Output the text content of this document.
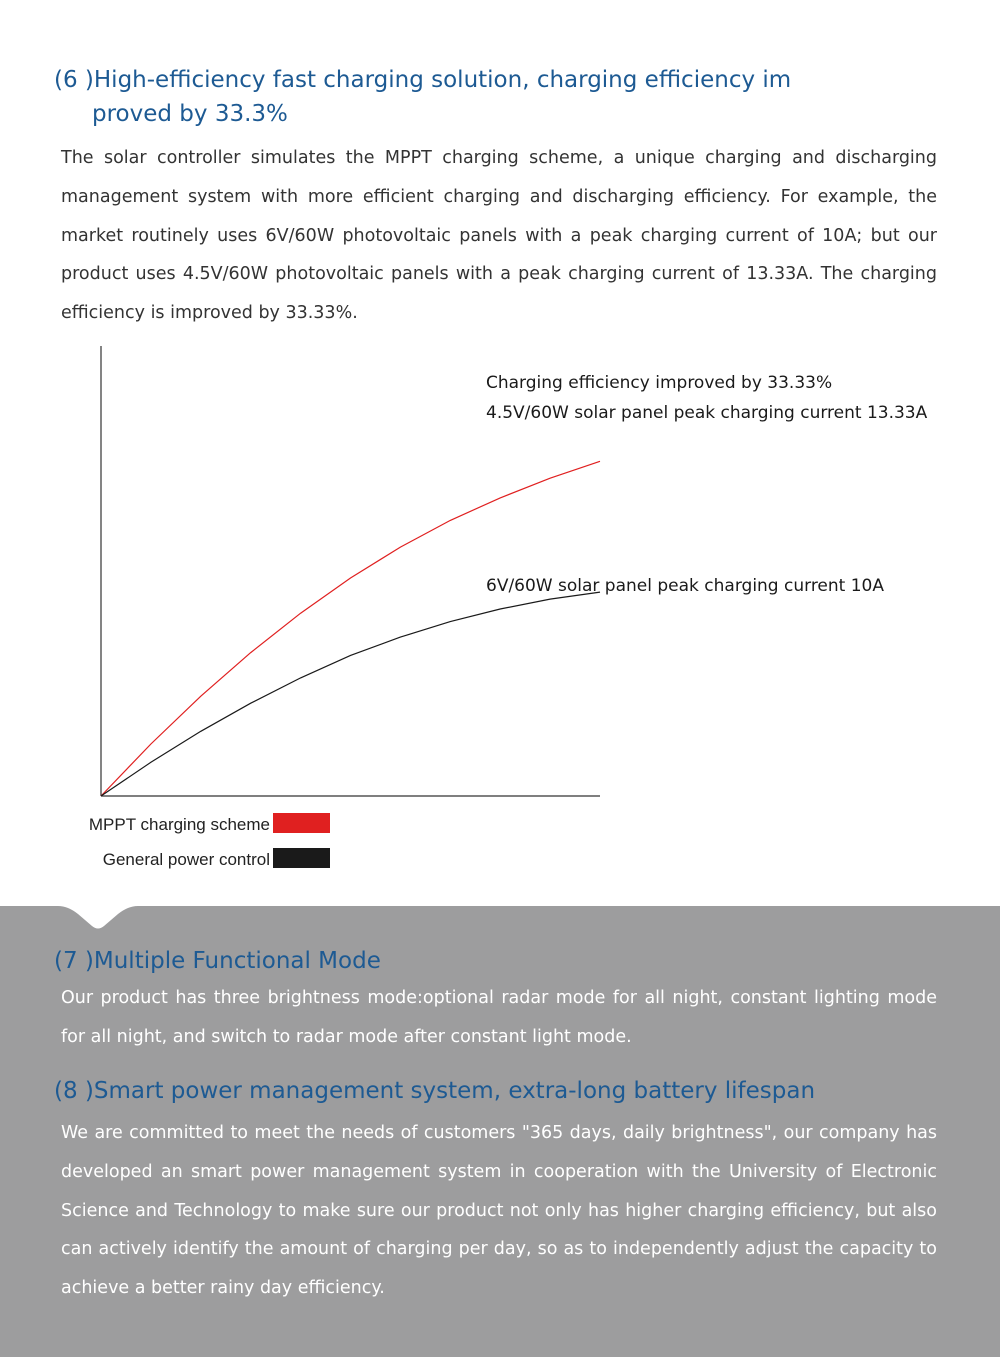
(6 )High-efficiency fast charging solution, charging efficiency im
proved by 33.3%

The solar controller simulates the MPPT charging scheme, a unique charging and discharging management system with more efficient charging and discharging efficiency. For example, the market routinely uses 6V/60W photovoltaic panels with a peak charging current of 10A; but our product uses 4.5V/60W photovoltaic panels with a peak charging current of 13.33A. The charging efficiency is improved by 33.33%.

Charging efficiency improved by 33.33%
4.5V/60W solar panel peak charging current 13.33A
6V/60W solar panel peak charging current 10A
MPPT charging scheme
General power control
(7 )Multiple Functional Mode

Our product has three brightness mode:optional radar mode for all night, constant lighting mode for all night, and switch to radar mode after constant light mode.

(8 )Smart power management system, extra-long battery lifespan

We are committed to meet the needs of customers "365 days, daily brightness", our company has developed an smart power management system in cooperation with the University of Electronic Science and Technology to make sure our product not only has higher charging efficiency, but also can actively identify the amount of charging per day, so as to independently adjust the capacity to achieve a better rainy day efficiency.
